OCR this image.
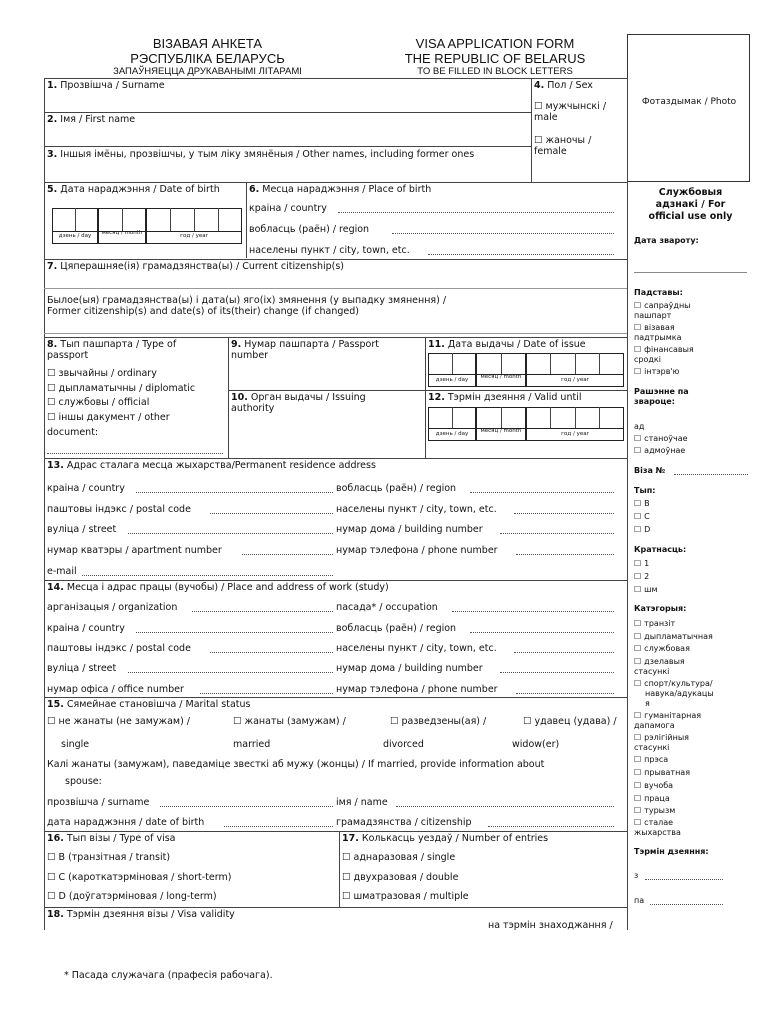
ВІЗАВАЯ АНКЕТА
РЭСПУБЛІКА БЕЛАРУСЬ
ЗАПАЎНЯЕЦЦА ДРУКАВАНЫМІ ЛІТАРАМІ
VISA APPLICATION FORM
THE REPUBLIC OF BELARUS
TO BE FILLED IN BLOCK LETTERS
Фотаздымак / Photo
1. Прозвішча / Surname
2. Імя / First name
3. Іншыя імёны, прозвішчы, у тым ліку змянёныя / Other names, including former ones
4. Пол / Sex
☐ мужчынскі / male
☐ жаночы / female
5. Дата нараджэння / Date of birth
дзень / day	месяц / month	год / year
6. Месца нараджэння / Place of birth
краіна / country
вобласць (раён) / region
населены пункт / city, town, etc.
7. Цяперашняе(ія) грамадзянства(ы) / Current citizenship(s)
Былое(ыя) грамадзянства(ы) і дата(ы) яго(іх) змянення (у выпадку змянення) /
Former citizenship(s) and date(s) of its(their) change (if changed)
8. Тып пашпарта / Type of
passport
☐ звычайны / ordinary
☐ дыпламатычны / diplomatic
☐ службовы / official
☐ іншы дакумент / other
document:
9. Нумар пашпарта / Passport
number
10. Орган выдачы / Issuing
authority
11. Дата выдачы / Date of issue
дзень / day	месяц / month	год / year
12. Тэрмін дзеяння / Valid until
дзень / day	месяц / month	год / year
13. Адрас сталага месца жыхарства/Permanent residence address
краіна / country	вобласць (раён) / region
паштовы індэкс / postal code	населены пункт / city, town, etc.
вуліца / street	нумар дома / building number
нумар кватэры / apartment number	нумар тэлефона / phone number
e-mail
14. Месца і адрас працы (вучобы) / Place and address of work (study)
арганізацыя / organization	пасада* / occupation
краіна / country	вобласць (раён) / region
паштовы індэкс / postal code	населены пункт / city, town, etc.
вуліца / street	нумар дома / building number
нумар офіса / office number	нумар тэлефона / phone number
15. Сямейнае становішча / Marital status
☐ не жанаты (не замужам) /	☐ жанаты (замужам) /	☐ разведзены(ая) /	☐ удавец (удава) /
single	married	divorced	widow(er)
Калі жанаты (замужам), паведаміце звесткі аб мужу (жонцы) / If married, provide information about
spouse:
прозвішча / surname	імя / name
дата нараджэння / date of birth	грамадзянства / citizenship
16. Тып візы / Type of visa
☐ В (транзітная / transit)
☐ С (кароткатэрміновая / short-term)
☐ D (доўгатэрміновая / long-term)
17. Колькасць уездаў / Number of entries
☐ аднаразовая / single
☐ двухразовая / double
☐ шматразовая / multiple
18. Тэрмін дзеяння візы / Visa validity
на тэрмін знаходжання /
* Пасада служачага (прафесія рабочага).
Службовыя
адзнакі / For
official use only
Дата звароту:
Падставы:
☐ сапраўдны
пашпарт
☐ візавая
падтрымка
☐ фінансавыя
сродкі
☐ інтэрв'ю
Рашэнне па
звароце:
ад
☐ станоўчае
☐ адмоўнае
Віза №
Тып:
☐ В
☐ С
☐ D
Кратнасць:
☐ 1
☐ 2
☐ шм
Катэгорыя:
☐ транзіт
☐ дыпламатычная
☐ службовая
☐ дзелавыя
стасункі
☐ спорт/культура/
навука/адукацы
я
☐ гуманітарная
дапамога
☐ рэлігійныя
стасункі
☐ прэса
☐ прыватная
☐ вучоба
☐ праца
☐ турызм
☐ сталае
жыхарства
Тэрмін дзеяння:
з
па
